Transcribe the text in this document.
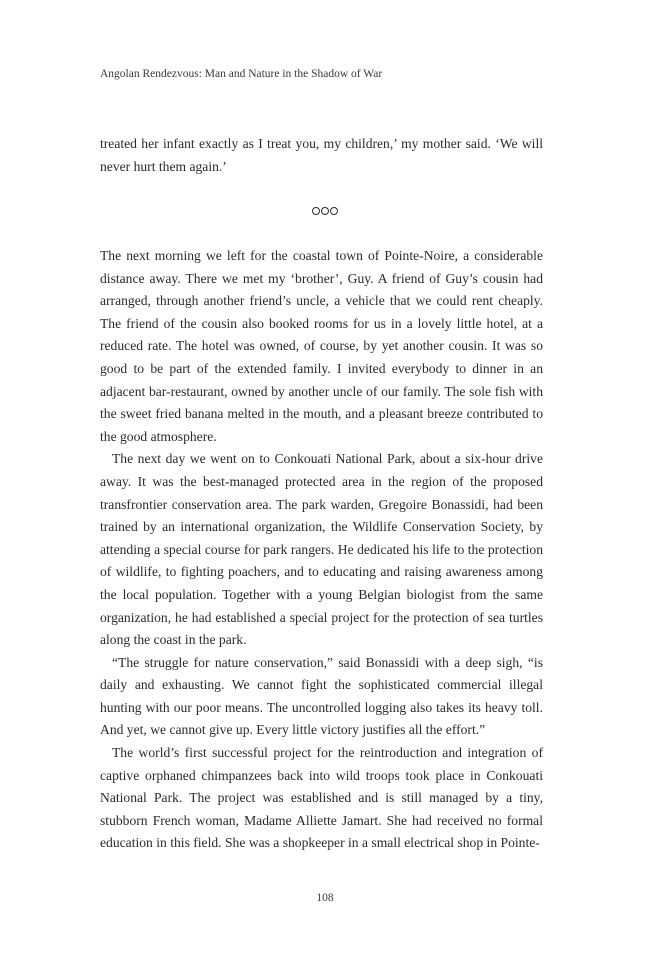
Angolan Rendezvous: Man and Nature in the Shadow of War

treated her infant exactly as I treat you, my children,’ my mother said. ‘We will never hurt them again.’

The next morning we left for the coastal town of Pointe-Noire, a considerable distance away. There we met my ‘brother’, Guy. A friend of Guy’s cousin had arranged, through another friend’s uncle, a vehicle that we could rent cheaply. The friend of the cousin also booked rooms for us in a lovely little hotel, at a reduced rate. The hotel was owned, of course, by yet another cousin. It was so good to be part of the extended family. I invited everybody to dinner in an adjacent bar-restaurant, owned by another uncle of our family. The sole fish with the sweet fried banana melted in the mouth, and a pleasant breeze contributed to the good atmosphere.

The next day we went on to Conkouati National Park, about a six-hour drive away. It was the best-managed protected area in the region of the proposed transfrontier conservation area. The park warden, Gregoire Bonassidi, had been trained by an international organization, the Wildlife Conservation Society, by attending a special course for park rangers. He dedicated his life to the protection of wildlife, to fighting poachers, and to educating and raising awareness among the local population. Together with a young Belgian biologist from the same organization, he had established a special project for the protection of sea turtles along the coast in the park.

“The struggle for nature conservation,” said Bonassidi with a deep sigh, “is daily and exhausting. We cannot fight the sophisticated commercial illegal hunting with our poor means. The uncontrolled logging also takes its heavy toll. And yet, we cannot give up. Every little victory justifies all the effort.”

The world’s first successful project for the reintroduction and integration of captive orphaned chimpanzees back into wild troops took place in Conkouati National Park. The project was established and is still managed by a tiny, stubborn French woman, Madame Alliette Jamart. She had received no formal education in this field. She was a shopkeeper in a small electrical shop in Pointe-

108
